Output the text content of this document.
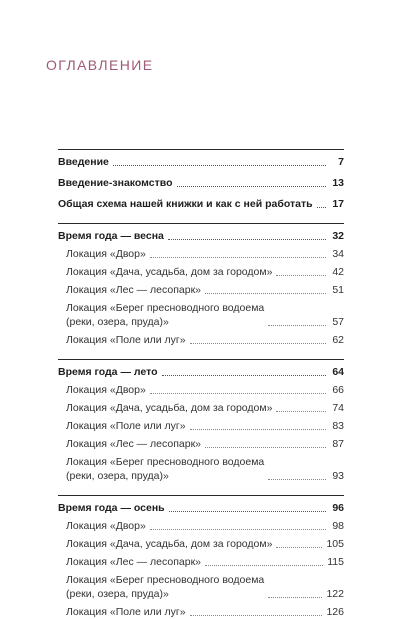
ОГЛАВЛЕНИЕ
Введение	7
Введение-знакомство	13
Общая схема нашей книжки и как с ней работать 17
Время года — весна	32
Локация «Двор»	34
Локация «Дача, усадьба, дом за городом»	42
Локация «Лес — лесопарк»	51
Локация «Берег пресноводного водоема
(реки, озера, пруда)»	57
Локация «Поле или луг»	62
Время года — лето	64
Локация «Двор»	66
Локация «Дача, усадьба, дом за городом»	74
Локация «Поле или луг»	83
Локация «Лес — лесопарк»	87
Локация «Берег пресноводного водоема
(реки, озера, пруда)»	93
Время года — осень	96
Локация «Двор»	98
Локация «Дача, усадьба, дом за городом»	105
Локация «Лес — лесопарк»	115
Локация «Берег пресноводного водоема
(реки, озера, пруда)»	122
Локация «Поле или луг»	126
